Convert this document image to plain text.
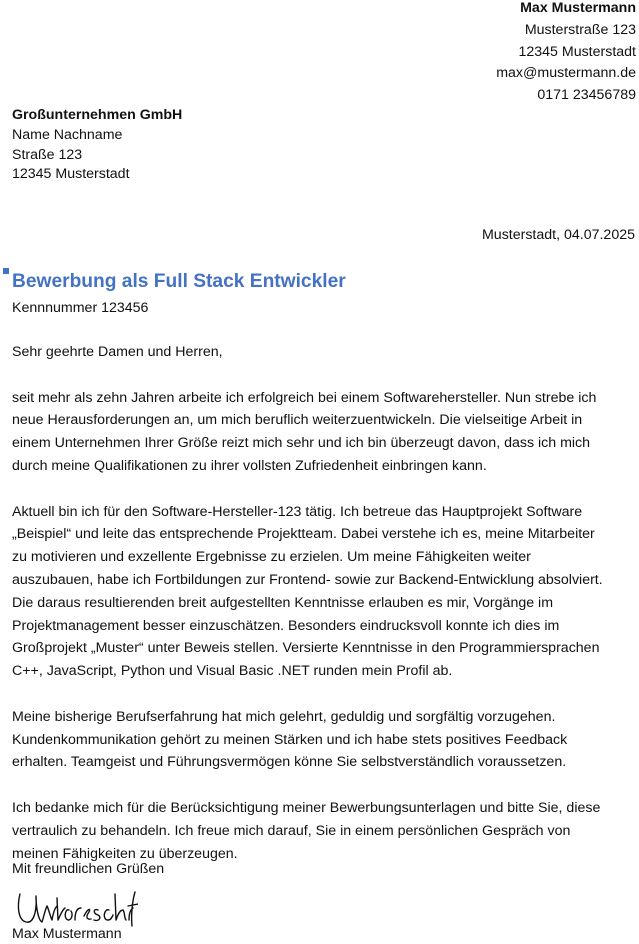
Max Mustermann
Musterstraße 123
12345 Musterstadt
max@mustermann.de
0171 23456789
Großunternehmen GmbH
Name Nachname
Straße 123
12345 Musterstadt
Musterstadt, 04.07.2025
Bewerbung als Full Stack Entwickler
Kennnummer 123456

Sehr geehrte Damen und Herren,

seit mehr als zehn Jahren arbeite ich erfolgreich bei einem Softwarehersteller. Nun strebe ich
neue Herausforderungen an, um mich beruflich weiterzuentwickeln. Die vielseitige Arbeit in
einem Unternehmen Ihrer Größe reizt mich sehr und ich bin überzeugt davon, dass ich mich
durch meine Qualifikationen zu ihrer vollsten Zufriedenheit einbringen kann.

Aktuell bin ich für den Software-Hersteller-123 tätig. Ich betreue das Hauptprojekt Software
„Beispiel“ und leite das entsprechende Projektteam. Dabei verstehe ich es, meine Mitarbeiter
zu motivieren und exzellente Ergebnisse zu erzielen. Um meine Fähigkeiten weiter
auszubauen, habe ich Fortbildungen zur Frontend- sowie zur Backend-Entwicklung absolviert.
Die daraus resultierenden breit aufgestellten Kenntnisse erlauben es mir, Vorgänge im
Projektmanagement besser einzuschätzen. Besonders eindrucksvoll konnte ich dies im
Großprojekt „Muster“ unter Beweis stellen. Versierte Kenntnisse in den Programmiersprachen
C++, JavaScript, Python und Visual Basic .NET runden mein Profil ab.

Meine bisherige Berufserfahrung hat mich gelehrt, geduldig und sorgfältig vorzugehen.
Kundenkommunikation gehört zu meinen Stärken und ich habe stets positives Feedback
erhalten. Teamgeist und Führungsvermögen könne Sie selbstverständlich voraussetzen.

Ich bedanke mich für die Berücksichtigung meiner Bewerbungsunterlagen und bitte Sie, diese
vertraulich zu behandeln. Ich freue mich darauf, Sie in einem persönlichen Gespräch von
meinen Fähigkeiten zu überzeugen.

Mit freundlichen Grüßen
Max Mustermann
